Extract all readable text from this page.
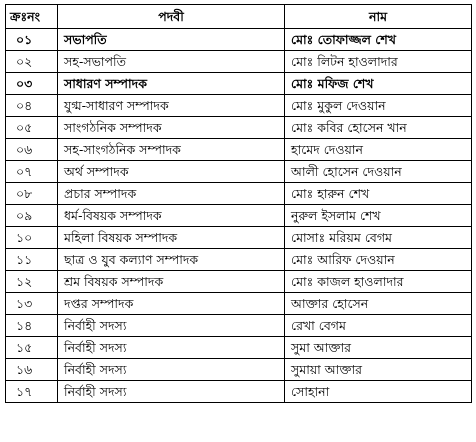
ক্রঃনং	পদবী	নাম
০১	সভাপতি	মোঃ তোফাজ্জল শেখ
০২	সহ-সভাপতি	মোঃ লিটন হাওলাদার
০৩	সাধারণ সম্পাদক	মোঃ মফিজ শেখ
০৪	যুগ্ম-সাধারণ সম্পাদক	মোঃ মুকুল দেওয়ান
০৫	সাংগঠনিক সম্পাদক	মোঃ কবির হোসেন খান
০৬	সহ-সাংগঠনিক সম্পাদক	হামেদ দেওয়ান
০৭	অর্থ সম্পাদক	আলী হোসেন দেওয়ান
০৮	প্রচার সম্পাদক	মোঃ হারুন শেখ
০৯	ধর্ম-বিষয়ক সম্পাদক	নুরুল ইসলাম শেখ
১০	মহিলা বিষয়ক সম্পাদক	মোসাঃ মরিয়ম বেগম
১১	ছাত্র ও যুব কল্যাণ সম্পাদক	মোঃ আরিফ দেওয়ান
১২	শ্রম বিষয়ক সম্পাদক	মোঃ কাজল হাওলাদার
১৩	দপ্তর সম্পাদক	আক্তার হোসেন
১৪	নির্বাহী সদস্য	রেখা বেগম
১৫	নির্বাহী সদস্য	সুমা আক্তার
১৬	নির্বাহী সদস্য	সুমায়া আক্তার
১৭	নির্বাহী সদস্য	সোহানা
